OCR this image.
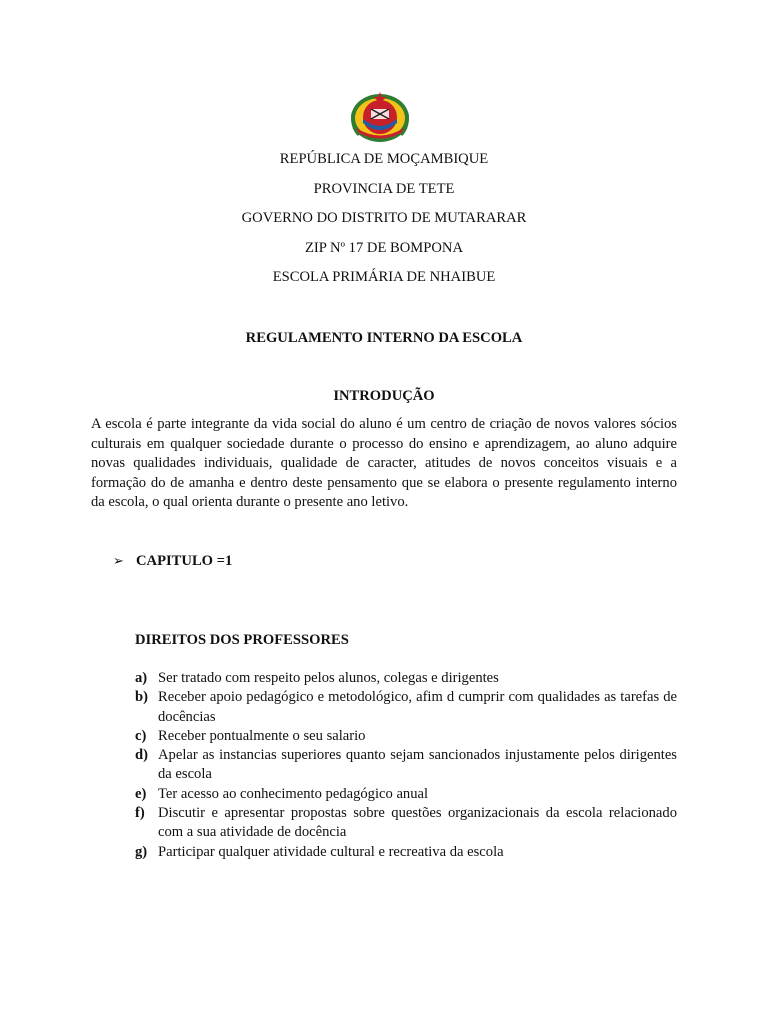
REPÚBLICA DE MOÇAMBIQUE
PROVINCIA DE TETE
GOVERNO DO DISTRITO DE MUTARARAR
ZIP Nº 17 DE BOMPONA
ESCOLA PRIMÁRIA DE NHAIBUE
REGULAMENTO INTERNO DA ESCOLA
INTRODUÇÃO

A escola é parte integrante da vida social do aluno é um centro de criação de novos valores sócios culturais em qualquer sociedade durante o processo do ensino e aprendizagem, ao aluno adquire novas qualidades individuais, qualidade de caracter, atitudes de novos conceitos visuais e a formação do de amanha e dentro deste pensamento que se elabora o presente regulamento interno da escola, o qual orienta durante o presente ano letivo.

➢ CAPITULO =1
DIREITOS DOS PROFESSORES
a) Ser tratado com respeito pelos alunos, colegas e dirigentes
b) Receber apoio pedagógico e metodológico, afim d cumprir com qualidades as tarefas de docências
c) Receber pontualmente o seu salario
d) Apelar as instancias superiores quanto sejam sancionados injustamente pelos dirigentes da escola
e) Ter acesso ao conhecimento pedagógico anual
f) Discutir e apresentar propostas sobre questões organizacionais da escola relacionado com a sua atividade de docência
g) Participar qualquer atividade cultural e recreativa da escola
